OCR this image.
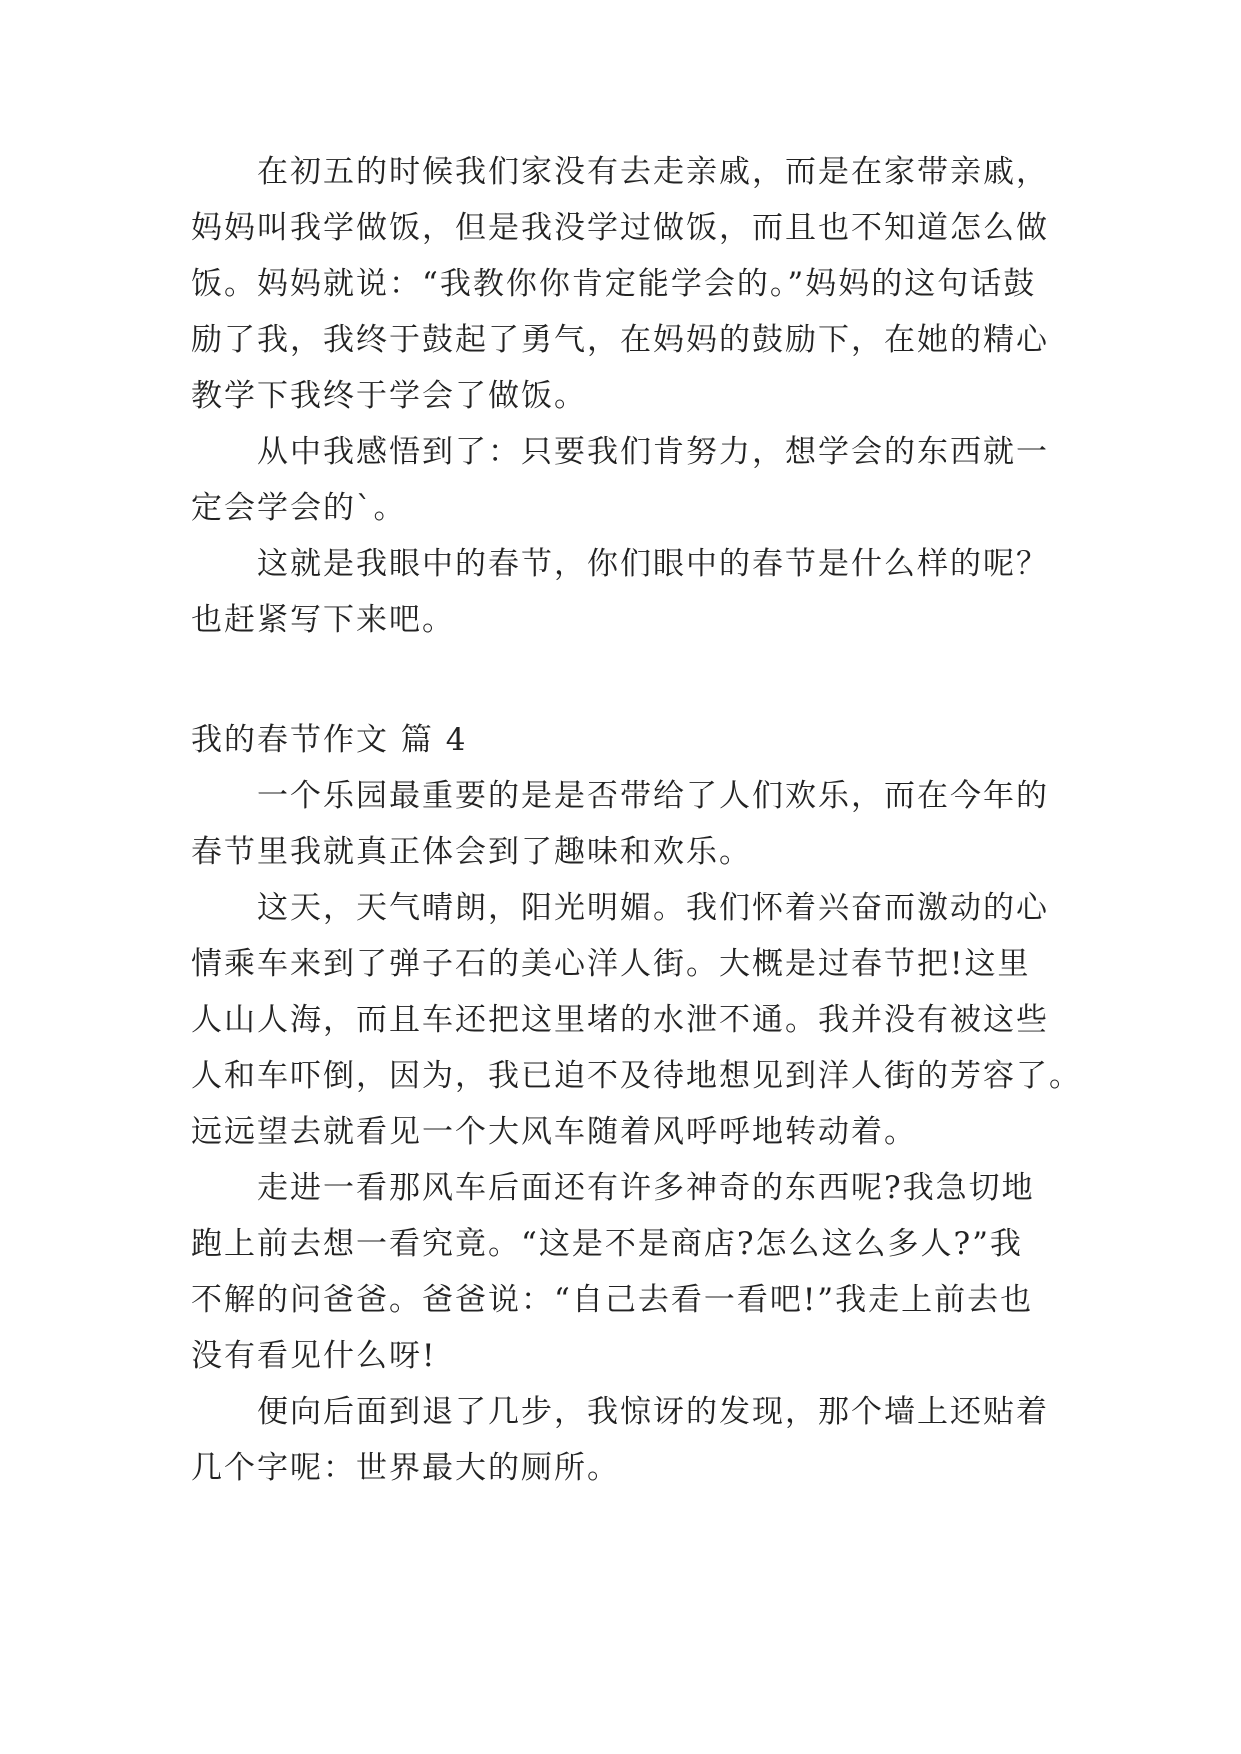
在初五的时候我们家没有去走亲戚，而是在家带亲戚，
妈妈叫我学做饭，但是我没学过做饭，而且也不知道怎么做
饭。妈妈就说：“我教你你肯定能学会的。”妈妈的这句话鼓
励了我，我终于鼓起了勇气，在妈妈的鼓励下，在她的精心
教学下我终于学会了做饭。
从中我感悟到了：只要我们肯努力，想学会的东西就一
定会学会的`。
这就是我眼中的春节，你们眼中的春节是什么样的呢？
也赶紧写下来吧。
我的春节作文 篇 4
一个乐园最重要的是是否带给了人们欢乐，而在今年的
春节里我就真正体会到了趣味和欢乐。
这天，天气晴朗，阳光明媚。我们怀着兴奋而激动的心
情乘车来到了弹子石的美心洋人街。大概是过春节把!这里
人山人海，而且车还把这里堵的水泄不通。我并没有被这些
人和车吓倒，因为，我已迫不及待地想见到洋人街的芳容了。
远远望去就看见一个大风车随着风呼呼地转动着。
走进一看那风车后面还有许多神奇的东西呢?我急切地
跑上前去想一看究竟。“这是不是商店?怎么这么多人?”我
不解的问爸爸。爸爸说：“自己去看一看吧!”我走上前去也
没有看见什么呀!
便向后面到退了几步，我惊讶的发现，那个墙上还贴着
几个字呢：世界最大的厕所。
